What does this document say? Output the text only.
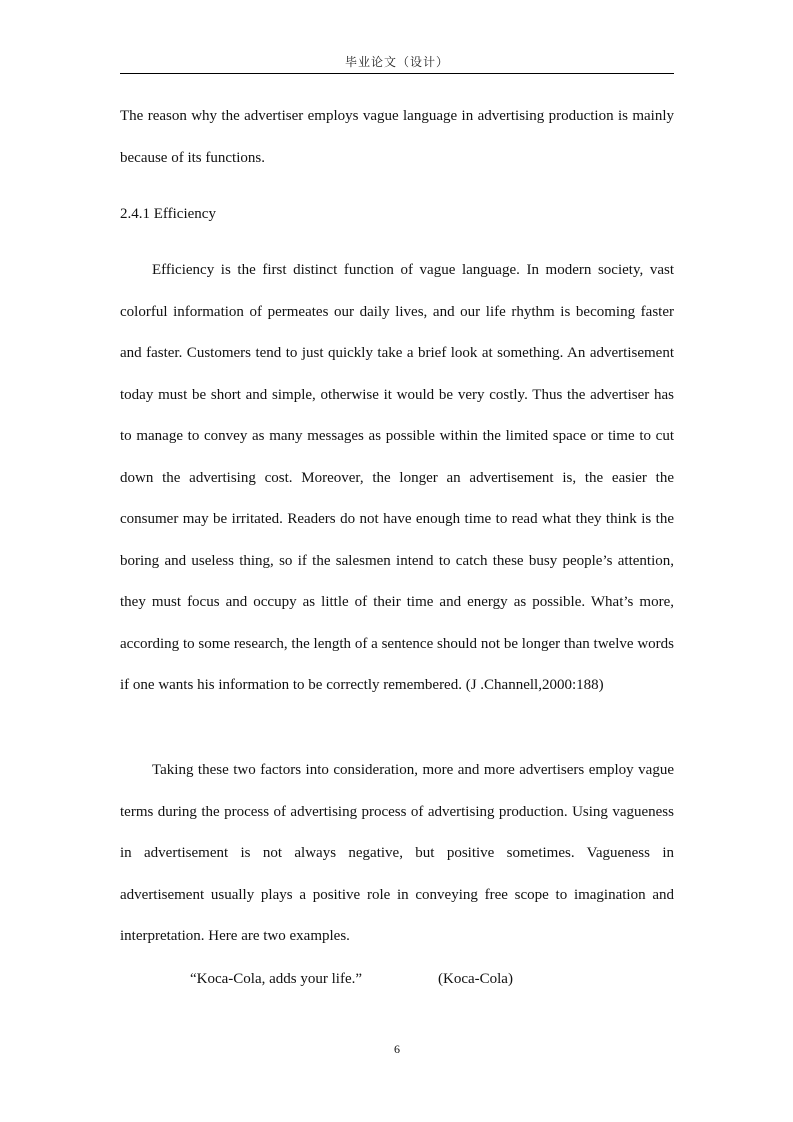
毕业论文（设计）

The reason why the advertiser employs vague language in advertising production is mainly because of its functions.

2.4.1 Efficiency

Efficiency is the first distinct function of vague language. In modern society, vast colorful information of permeates our daily lives, and our life rhythm is becoming faster and faster. Customers tend to just quickly take a brief look at something. An advertisement today must be short and simple, otherwise it would be very costly. Thus the advertiser has to manage to convey as many messages as possible within the limited space or time to cut down the advertising cost. Moreover, the longer an advertisement is, the easier the consumer may be irritated. Readers do not have enough time to read what they think is the boring and useless thing, so if the salesmen intend to catch these busy people’s attention, they must focus and occupy as little of their time and energy as possible. What’s more, according to some research, the length of a sentence should not be longer than twelve words if one wants his information to be correctly remembered. (J .Channell,2000:188)

Taking these two factors into consideration, more and more advertisers employ vague terms during the process of advertising process of advertising production. Using vagueness in advertisement is not always negative, but positive sometimes. Vagueness in advertisement usually plays a positive role in conveying free scope to imagination and interpretation. Here are two examples.

“Koca-Cola, adds your life.”	(Koca-Cola)
6
